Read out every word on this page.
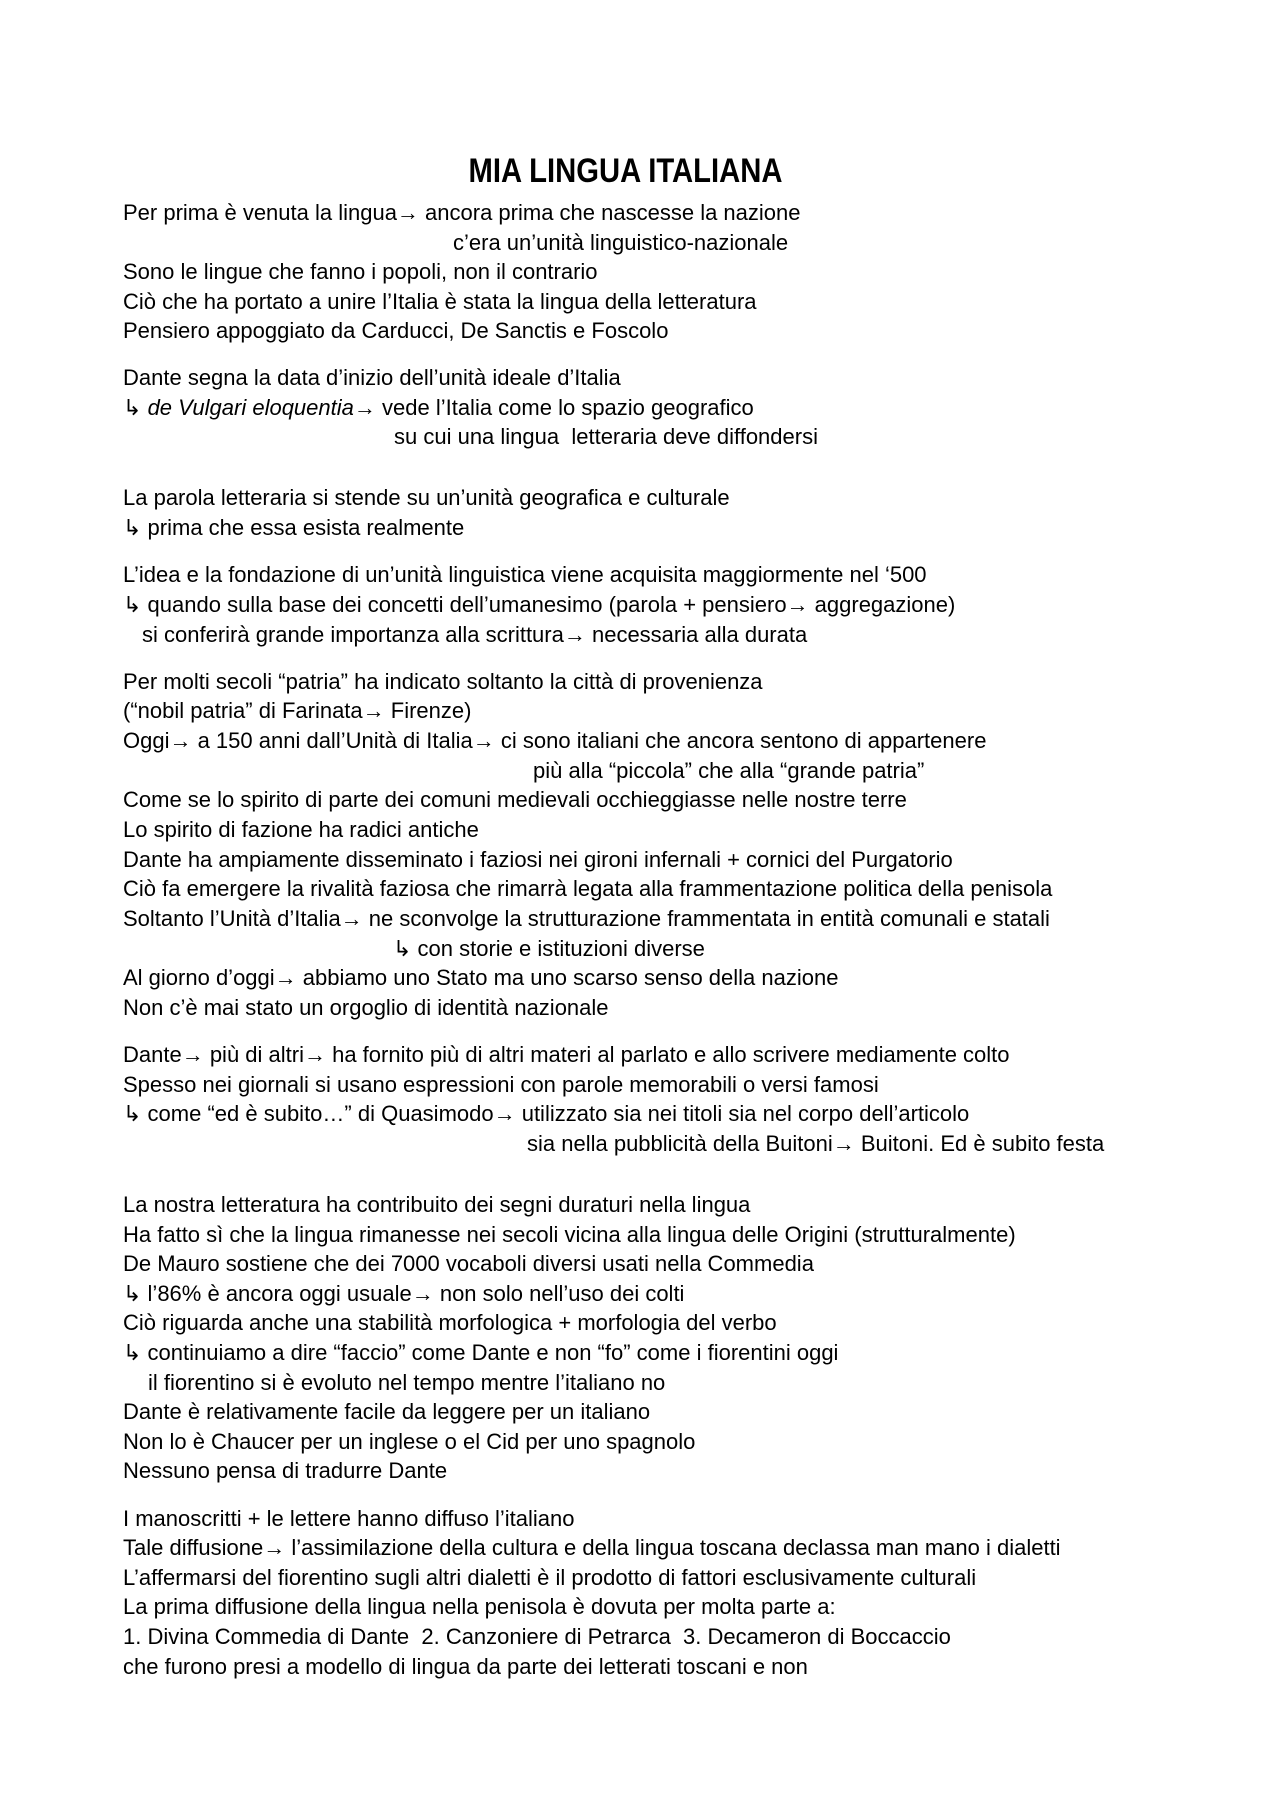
MIA LINGUA ITALIANA

Per prima è venuta la lingua→ ancora prima che nascesse la nazione

c’era un’unità linguistico-nazionale

Sono le lingue che fanno i popoli, non il contrario

Ciò che ha portato a unire l’Italia è stata la lingua della letteratura

Pensiero appoggiato da Carducci, De Sanctis e Foscolo

Dante segna la data d’inizio dell’unità ideale d’Italia

↳ de Vulgari eloquentia→ vede l’Italia come lo spazio geografico

su cui una lingua  letteraria deve diffondersi

La parola letteraria si stende su un’unità geografica e culturale

↳ prima che essa esista realmente

L’idea e la fondazione di un’unità linguistica viene acquisita maggiormente nel ‘500

↳ quando sulla base dei concetti dell’umanesimo (parola + pensiero→ aggregazione)

si conferirà grande importanza alla scrittura→ necessaria alla durata

Per molti secoli “patria” ha indicato soltanto la città di provenienza

(“nobil patria” di Farinata→ Firenze)

Oggi→ a 150 anni dall’Unità di Italia→ ci sono italiani che ancora sentono di appartenere

più alla “piccola” che alla “grande patria”

Come se lo spirito di parte dei comuni medievali occhieggiasse nelle nostre terre

Lo spirito di fazione ha radici antiche

Dante ha ampiamente disseminato i faziosi nei gironi infernali + cornici del Purgatorio

Ciò fa emergere la rivalità faziosa che rimarrà legata alla frammentazione politica della penisola

Soltanto l’Unità d’Italia→ ne sconvolge la strutturazione frammentata in entità comunali e statali

↳ con storie e istituzioni diverse

Al giorno d’oggi→ abbiamo uno Stato ma uno scarso senso della nazione

Non c’è mai stato un orgoglio di identità nazionale

Dante→ più di altri→ ha fornito più di altri materi al parlato e allo scrivere mediamente colto

Spesso nei giornali si usano espressioni con parole memorabili o versi famosi

↳ come “ed è subito…” di Quasimodo→ utilizzato sia nei titoli sia nel corpo dell’articolo

sia nella pubblicità della Buitoni→ Buitoni. Ed è subito festa

La nostra letteratura ha contribuito dei segni duraturi nella lingua

Ha fatto sì che la lingua rimanesse nei secoli vicina alla lingua delle Origini (strutturalmente)

De Mauro sostiene che dei 7000 vocaboli diversi usati nella Commedia

↳ l’86% è ancora oggi usuale→ non solo nell’uso dei colti

Ciò riguarda anche una stabilità morfologica + morfologia del verbo

↳ continuiamo a dire “faccio” come Dante e non “fo” come i fiorentini oggi

il fiorentino si è evoluto nel tempo mentre l’italiano no

Dante è relativamente facile da leggere per un italiano

Non lo è Chaucer per un inglese o el Cid per uno spagnolo

Nessuno pensa di tradurre Dante

I manoscritti + le lettere hanno diffuso l’italiano

Tale diffusione→ l’assimilazione della cultura e della lingua toscana declassa man mano i dialetti

L’affermarsi del fiorentino sugli altri dialetti è il prodotto di fattori esclusivamente culturali

La prima diffusione della lingua nella penisola è dovuta per molta parte a:

1. Divina Commedia di Dante  2. Canzoniere di Petrarca  3. Decameron di Boccaccio

che furono presi a modello di lingua da parte dei letterati toscani e non
